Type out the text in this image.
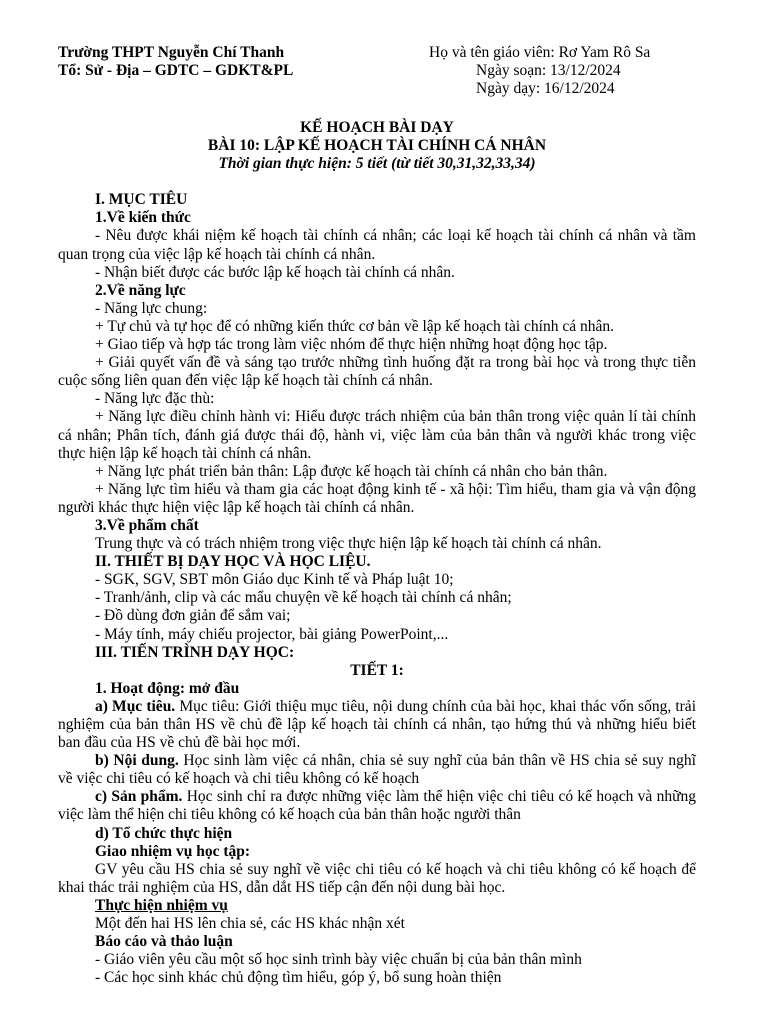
Trường THPT Nguyễn Chí Thanh
Tổ: Sử - Địa – GDTC – GDKT&PL
Họ và tên giáo viên: Rơ Yam Rô Sa
Ngày soạn: 13/12/2024
Ngày dạy: 16/12/2024

KẾ HOẠCH BÀI DẠY

BÀI 10: LẬP KẾ HOẠCH TÀI CHÍNH CÁ NHÂN

Thời gian thực hiện: 5 tiết (từ tiết 30,31,32,33,34)

I. MỤC TIÊU

1.Về kiến thức

- Nêu được khái niệm kế hoạch tài chính cá nhân; các loại kế hoạch tài chính cá nhân và tầm quan trọng của việc lập kế hoạch tài chính cá nhân.

- Nhận biết được các bước lập kế hoạch tài chính cá nhân.

2.Về năng lực

- Năng lực chung:

+ Tự chủ và tự học để có những kiến thức cơ bản về lập kế hoạch tài chính cá nhân.

+ Giao tiếp và hợp tác trong làm việc nhóm để thực hiện những hoạt động học tập.

+ Giải quyết vấn đề và sáng tạo trước những tình huống đặt ra trong bài học và trong thực tiễn cuộc sống liên quan đến việc lập kế hoạch tài chính cá nhân.

- Năng lực đặc thù:

+ Năng lực điều chỉnh hành vi: Hiểu được trách nhiệm của bản thân trong việc quản lí tài chính cá nhân; Phân tích, đánh giá được thái độ, hành vi, việc làm của bản thân và người khác trong việc thực hiện lập kế hoạch tài chính cá nhân.

+ Năng lực phát triển bản thân: Lập được kế hoạch tài chính cá nhân cho bản thân.

+ Năng lực tìm hiểu và tham gia các hoạt động kinh tế - xã hội: Tìm hiểu, tham gia và vận động người khác thực hiện việc lập kế hoạch tài chính cá nhân.

3.Về phẩm chất

Trung thực và có trách nhiệm trong việc thực hiện lập kế hoạch tài chính cá nhân.

II. THIẾT BỊ DẠY HỌC VÀ HỌC LIỆU.

- SGK, SGV, SBT môn Giáo dục Kinh tế và Pháp luật 10;

- Tranh/ảnh, clip và các mẩu chuyện về kế hoạch tài chính cá nhân;

- Đồ dùng đơn giản để sắm vai;

- Máy tính, máy chiếu projector, bài giảng PowerPoint,...

III. TIẾN TRÌNH DẠY HỌC:

TIẾT 1:

1. Hoạt động: mở đầu

a) Mục tiêu. Mục tiêu: Giới thiệu mục tiêu, nội dung chính của bài học, khai thác vốn sống, trải nghiệm của bản thân HS về chủ đề lập kế hoạch tài chính cá nhân, tạo hứng thú và những hiểu biết ban đầu của HS về chủ đề bài học mới.

b) Nội dung. Học sinh làm việc cá nhân, chia sẻ suy nghĩ của bản thân về HS chia sẻ suy nghĩ về việc chi tiêu có kế hoạch và chi tiêu không có kế hoạch

c) Sản phẩm. Học sinh chỉ ra được những việc làm thể hiện việc chi tiêu có kế hoạch và những việc làm thể hiện chi tiêu không có kế hoạch của bản thân hoặc người thân

d) Tổ chức thực hiện

Giao nhiệm vụ học tập:

GV yêu cầu HS chia sẻ suy nghĩ về việc chi tiêu có kế hoạch và chi tiêu không có kế hoạch để khai thác trải nghiệm của HS, dẫn dắt HS tiếp cận đến nội dung bài học.

Thực hiện nhiệm vụ

Một đến hai HS lên chia sẻ, các HS khác nhận xét

Báo cáo và thảo luận

- Giáo viên yêu cầu một số học sinh trình bày việc chuẩn bị của bản thân mình

- Các học sinh khác chủ động tìm hiểu, góp ý, bổ sung hoàn thiện
